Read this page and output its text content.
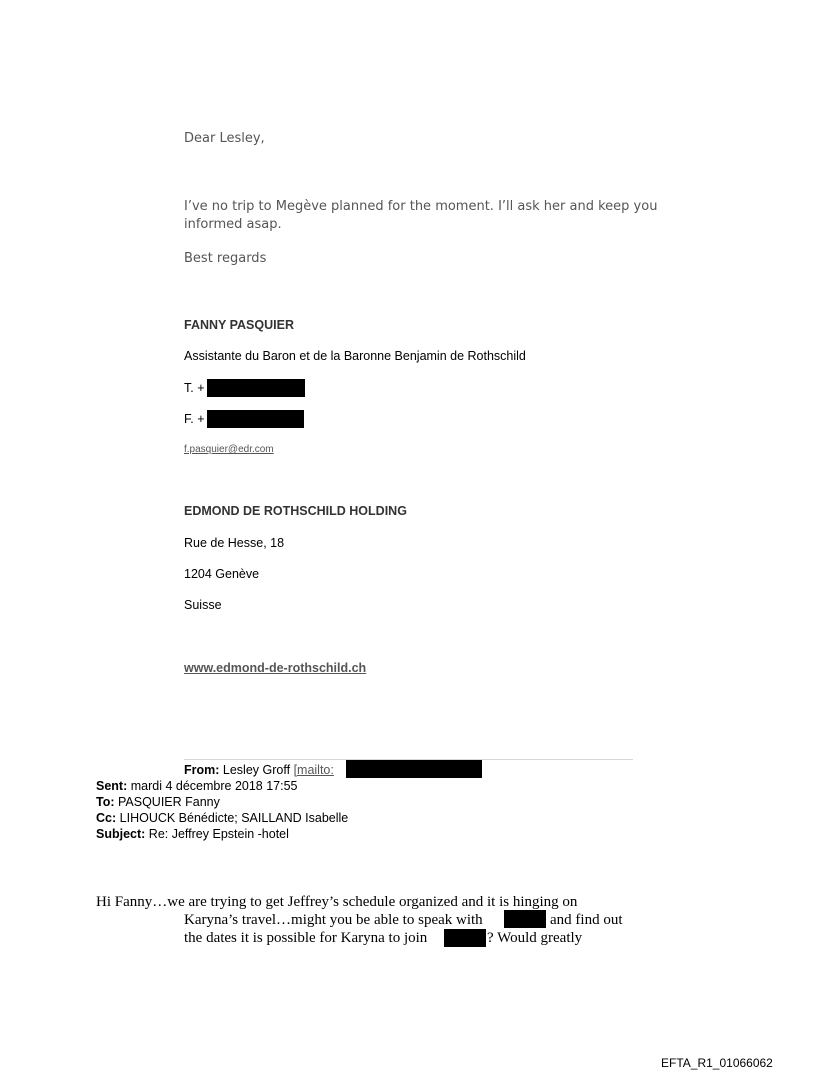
Dear Lesley,
I’ve no trip to Megève planned for the moment. I’ll ask her and keep you
informed asap.
Best regards
FANNY PASQUIER
Assistante du Baron et de la Baronne Benjamin de Rothschild
T. +
F. +
f.pasquier@edr.com
EDMOND DE ROTHSCHILD HOLDING
Rue de Hesse, 18
1204 Genève
Suisse
www.edmond-de-rothschild.ch
From: Lesley Groff [mailto:
Sent: mardi 4 décembre 2018 17:55
To: PASQUIER Fanny
Cc: LIHOUCK Bénédicte; SAILLAND Isabelle
Subject: Re: Jeffrey Epstein -hotel
Hi Fanny…we are trying to get Jeffrey’s schedule organized and it is hinging on
Karyna’s travel…might you be able to speak with	and find out
the dates it is possible for Karyna to join	? Would greatly
EFTA_R1_01066062
